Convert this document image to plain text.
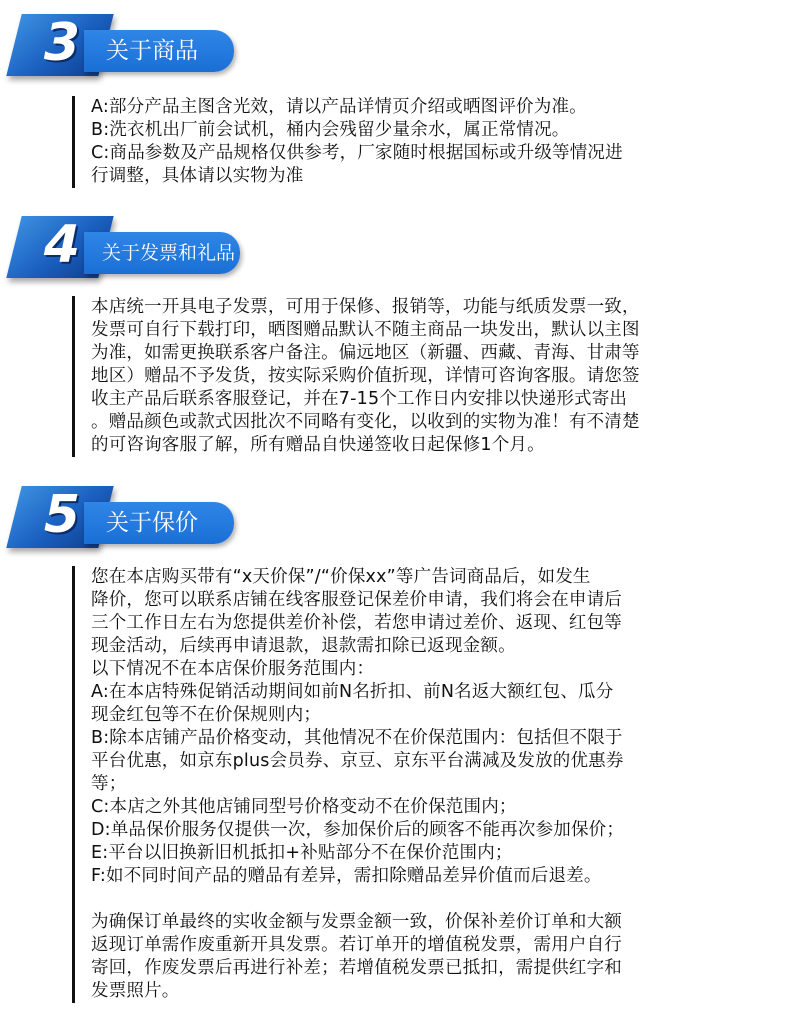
3	关于商品
A:部分产品主图含光效，请以产品详情页介绍或晒图评价为准。
B:洗衣机出厂前会试机，桶内会残留少量余水，属正常情况。
C:商品参数及产品规格仅供参考，厂家随时根据国标或升级等情况进
行调整，具体请以实物为准
4	关于发票和礼品
本店统一开具电子发票，可用于保修、报销等，功能与纸质发票一致，
发票可自行下载打印，晒图赠品默认不随主商品一块发出，默认以主图
为准，如需更换联系客户备注。偏远地区（新疆、西藏、青海、甘肃等
地区）赠品不予发货，按实际采购价值折现，详情可咨询客服。请您签
收主产品后联系客服登记，并在7-15个工作日内安排以快递形式寄出
。赠品颜色或款式因批次不同略有变化，以收到的实物为准！有不清楚
的可咨询客服了解，所有赠品自快递签收日起保修1个月。
5	关于保价
您在本店购买带有“x天价保”/“价保xx”等广告词商品后，如发生
降价，您可以联系店铺在线客服登记保差价申请，我们将会在申请后
三个工作日左右为您提供差价补偿，若您申请过差价、返现、红包等
现金活动，后续再申请退款，退款需扣除已返现金额。
以下情况不在本店保价服务范围内：
A:在本店特殊促销活动期间如前N名折扣、前N名返大额红包、瓜分
现金红包等不在价保规则内；
B:除本店铺产品价格变动，其他情况不在价保范围内：包括但不限于
平台优惠，如京东plus会员券、京豆、京东平台满减及发放的优惠券
等；
C:本店之外其他店铺同型号价格变动不在价保范围内；
D:单品保价服务仅提供一次，参加保价后的顾客不能再次参加保价；
E:平台以旧换新旧机抵扣+补贴部分不在保价范围内；
F:如不同时间产品的赠品有差异，需扣除赠品差异价值而后退差。
为确保订单最终的实收金额与发票金额一致，价保补差价订单和大额
返现订单需作废重新开具发票。若订单开的增值税发票，需用户自行
寄回，作废发票后再进行补差；若增值税发票已抵扣，需提供红字和
发票照片。
